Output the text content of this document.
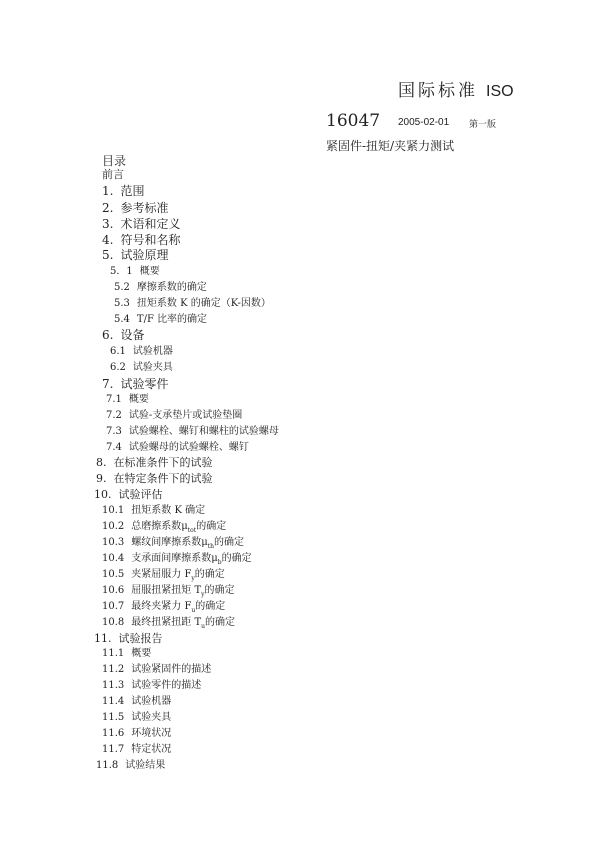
国际标准 ISO
16047 2005-02-01 第一版
紧固件-扭矩/夹紧力测试
目录
前言
1. 范围
2. 参考标准
3. 术语和定义
4. 符号和名称
5. 试验原理
5．1 概要
5.2 摩擦系数的确定
5.3 扭矩系数 K 的确定（K-因数）
5.4 T/F 比率的确定
6. 设备
6.1 试验机器
6.2 试验夹具
7. 试验零件
7.1 概要
7.2 试验-支承垫片或试验垫圈
7.3 试验螺栓、螺钉和螺柱的试验螺母
7.4 试验螺母的试验螺栓、螺钉
8. 在标准条件下的试验
9. 在特定条件下的试验
10. 试验评估
10.1 扭矩系数 K 确定
10.2 总磨擦系数$\mu_{tot}$的确定
10.3 螺纹间摩擦系数$\mu_{th}$的确定
10.4 支承面间摩擦系数$\mu_b$的确定
10.5 夹紧屈服力 $F_y$的确定
10.6 屈服扭紧扭矩 $T_y$的确定
10.7 最终夹紧力 $F_u$的确定
10.8 最终扭紧扭距 $T_u$的确定
11. 试验报告
11.1 概要
11.2 试验紧固件的描述
11.3 试验零件的描述
11.4 试验机器
11.5 试验夹具
11.6 环境状况
11.7 特定状况
11.8 试验结果
